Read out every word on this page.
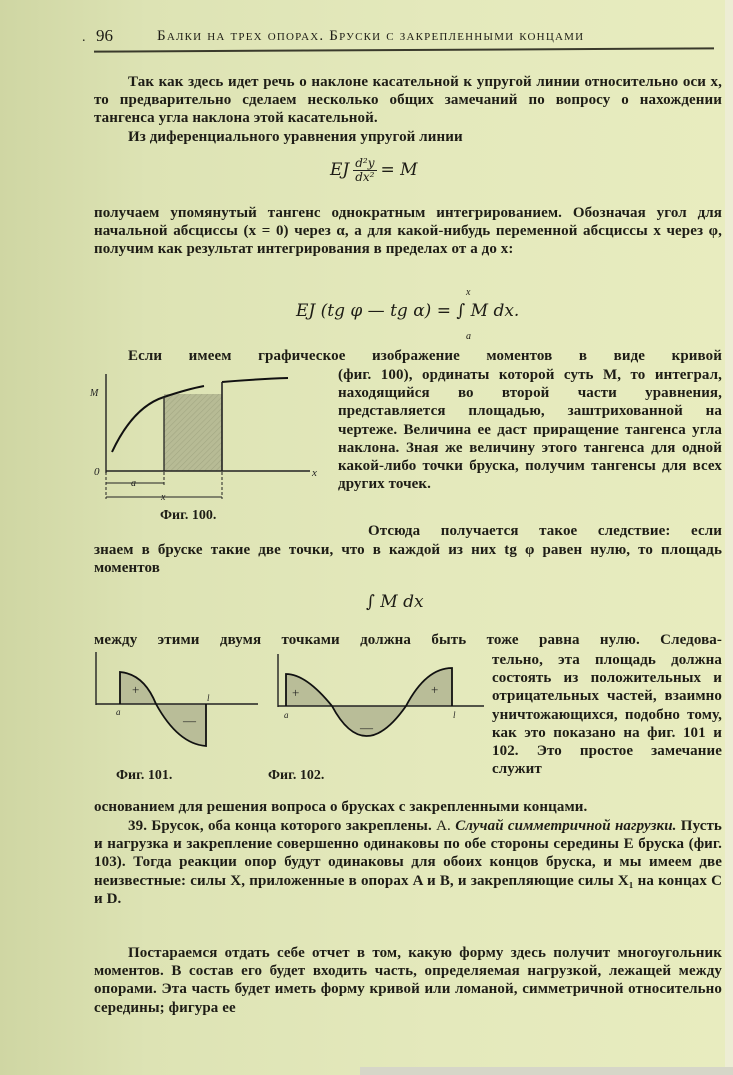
. 96	Балки на трех опорах. Бруски с закрепленными концами
Так как здесь идет речь о наклоне касательной к упругой линии относительно оси x, то предварительно сделаем несколько общих замечаний по вопросу о нахождении тангенса угла наклона этой касательной.
Из диференциального уравнения упругой линии
EJ $\frac{\text{d²y}}{\text{dx²}} = M$
получаем упомянутый тангенс однократным интегрированием. Обозначая угол для начальной абсциссы (x = 0) через α, а для какой-нибудь переменной абсциссы x через φ, получим как результат интегрирования в пределах от a до x:
EJ (tg φ — tg α) = ∫ M dx.
x
a
Если имеем графическое изображение моментов в виде кривой
(фиг. 100), ординаты которой суть M, то интеграл, находящийся во второй части уравнения, представляется площадью, заштрихованной на чертеже. Величина ее даст приращение тангенса угла наклона. Зная же величину этого тангенса для одной какой-либо точки бруска, получим тангенсы для всех других точек.
M
0	x
a
x
Фиг. 100.
Отсюда получается такое следствие: если
знаем в бруске такие две точки, что в каждой из них tg φ равен нулю, то площадь моментов
∫ M dx
между этими двумя точками должна быть тоже равна нулю. Следова-
тельно, эта площадь должна состоять из положительных и отрицательных частей, взаимно уничтожающихся, подобно тому, как это показано на фиг. 101 и 102. Это простое замечание служит
+
—
a
l
Фиг. 101.
+	+
—
a	l
Фиг. 102.
основанием для решения вопроса о брусках с закрепленными концами.
39. Брусок, оба конца которого закреплены. А. Случай симметричной нагрузки. Пусть и нагрузка и закрепление совершенно одинаковы по обе стороны середины E бруска (фиг. 103). Тогда реакции опор будут одинаковы для обоих концов бруска, и мы имеем две неизвестные: силы X, приложенные в опорах A и B, и закрепляющие силы X₁ на концах C и D.
Постараемся отдать себе отчет в том, какую форму здесь получит многоугольник моментов. В состав его будет входить часть, определяемая нагрузкой, лежащей между опорами. Эта часть будет иметь форму кривой или ломаной, симметричной относительно середины; фигура ее
